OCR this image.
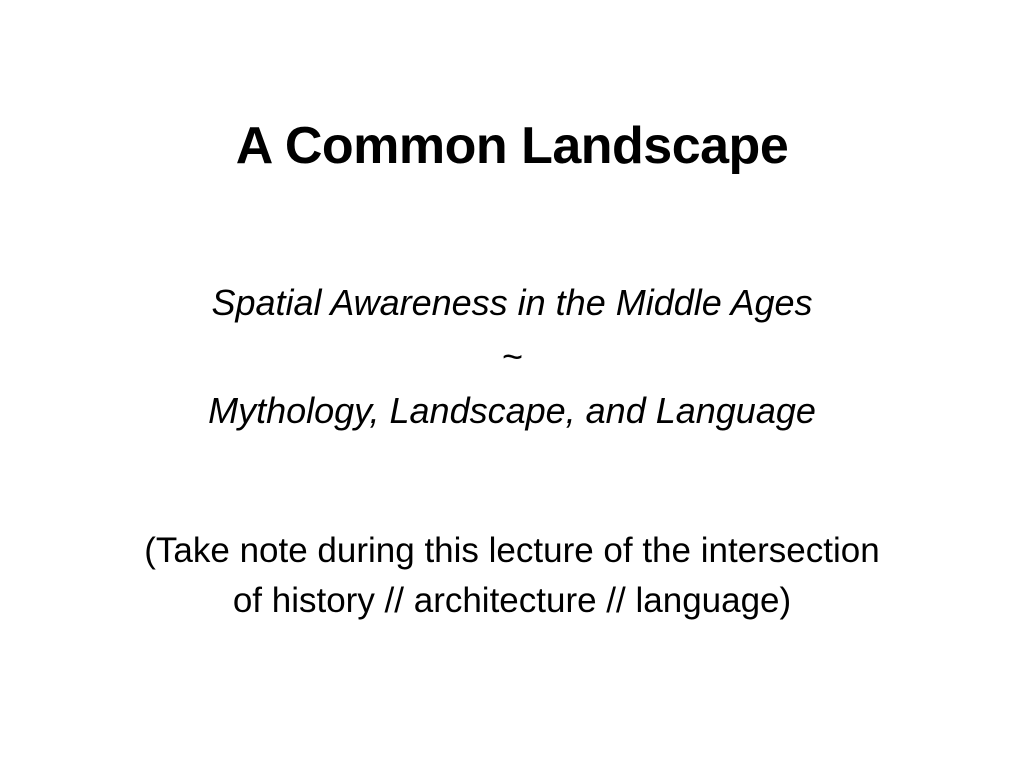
A Common Landscape
Spatial Awareness in the Middle Ages
~
Mythology, Landscape, and Language
(Take note during this lecture of the intersection
of history // architecture // language)
